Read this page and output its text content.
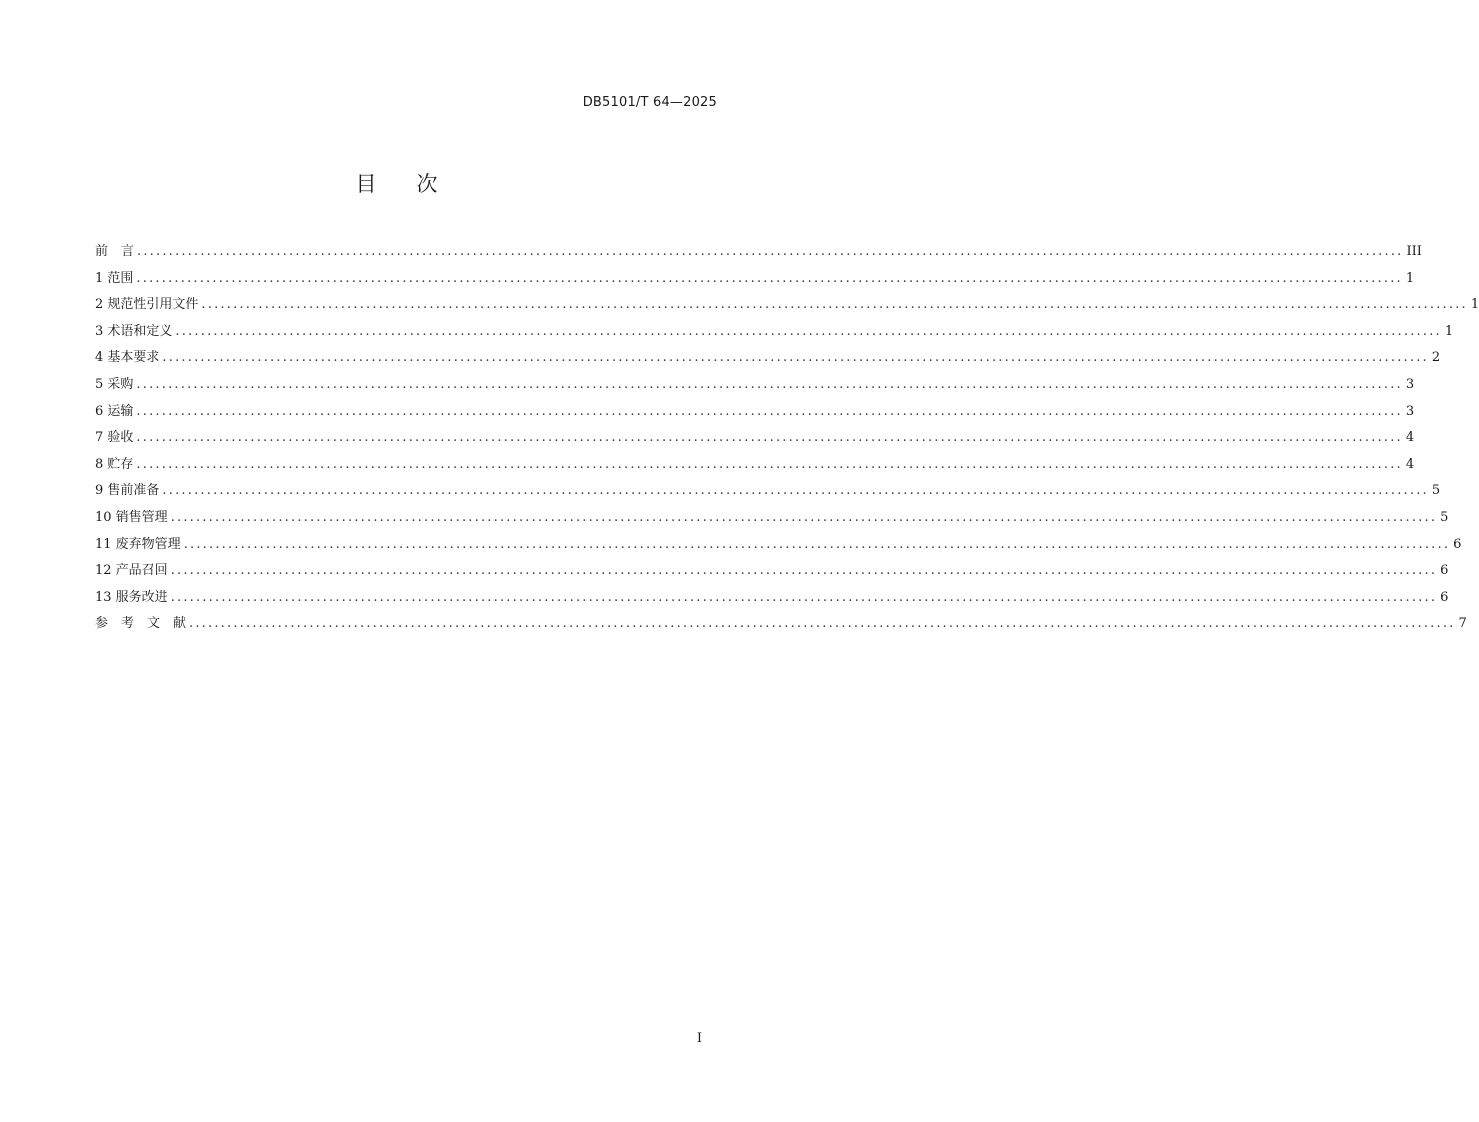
DB5101/T 64—2025
目次
前　言 ........................................................................................................................................................................................................ III
1 范围 ........................................................................................................................................................................................................ 1
2 规范性引用文件 ........................................................................................................................................................................................................ 1
3 术语和定义 ........................................................................................................................................................................................................ 1
4 基本要求 ........................................................................................................................................................................................................ 2
5 采购 ........................................................................................................................................................................................................ 3
6 运输 ........................................................................................................................................................................................................ 3
7 验收 ........................................................................................................................................................................................................ 4
8 贮存 ........................................................................................................................................................................................................ 4
9 售前准备 ........................................................................................................................................................................................................ 5
10 销售管理 ........................................................................................................................................................................................................ 5
11 废弃物管理 ........................................................................................................................................................................................................ 6
12 产品召回 ........................................................................................................................................................................................................ 6
13 服务改进 ........................................................................................................................................................................................................ 6
参　考　文　献 ........................................................................................................................................................................................................ 7
I
